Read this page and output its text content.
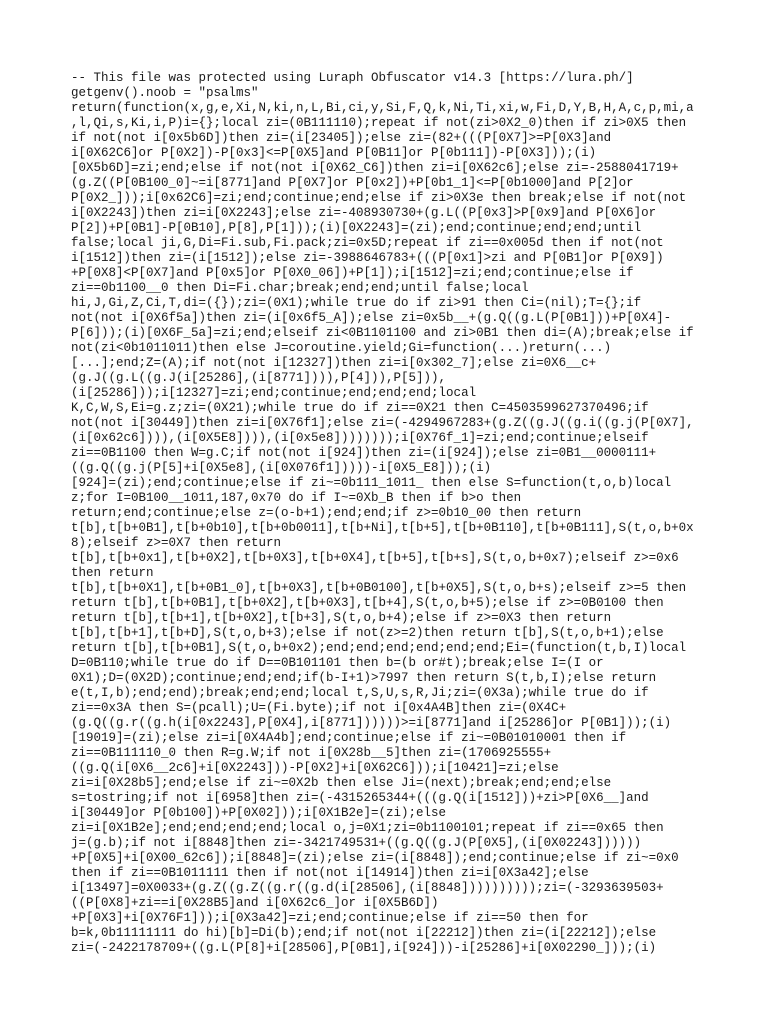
-- This file was protected using Luraph Obfuscator v14.3 [https://lura.ph/]
getgenv().noob = "psalms"
return(function(x,g,e,Xi,N,ki,n,L,Bi,ci,y,Si,F,Q,k,Ni,Ti,xi,w,Fi,D,Y,B,H,A,c,p,mi,a
,l,Qi,s,Ki,i,P)i={};local zi=(0B111110);repeat if not(zi>0X2_0)then if zi>0X5 then
if not(not i[0x5b6D])then zi=(i[23405]);else zi=(82+(((P[0X7]>=P[0X3]and
i[0X62C6]or P[0X2])-P[0x3]<=P[0X5]and P[0B11]or P[0b111])-P[0X3]));(i)
[0X5b6D]=zi;end;else if not(not i[0X62_C6])then zi=i[0X62c6];else zi=-2588041719+
(g.Z((P[0B100_0]~=i[8771]and P[0X7]or P[0x2])+P[0b1_1]<=P[0b1000]and P[2]or
P[0X2_]));i[0x62C6]=zi;end;continue;end;else if zi>0X3e then break;else if not(not
i[0X2243])then zi=i[0X2243];else zi=-408930730+(g.L((P[0x3]>P[0x9]and P[0X6]or
P[2])+P[0B1]-P[0B10],P[8],P[1]));(i)[0X2243]=(zi);end;continue;end;end;until
false;local ji,G,Di=Fi.sub,Fi.pack;zi=0x5D;repeat if zi==0x005d then if not(not
i[1512])then zi=(i[1512]);else zi=-3988646783+(((P[0x1]>zi and P[0B1]or P[0X9])
+P[0X8]<P[0X7]and P[0x5]or P[0X0_06])+P[1]);i[1512]=zi;end;continue;else if
zi==0b1100__0 then Di=Fi.char;break;end;end;until false;local
hi,J,Gi,Z,Ci,T,di=({});zi=(0X1);while true do if zi>91 then Ci=(nil);T={};if
not(not i[0X6f5a])then zi=(i[0x6f5_A]);else zi=0x5b__+(g.Q((g.L(P[0B1]))+P[0X4]-
P[6]));(i)[0X6F_5a]=zi;end;elseif zi<0B1101100 and zi>0B1 then di=(A);break;else if
not(zi<0b1011011)then else J=coroutine.yield;Gi=function(...)return(...)
[...];end;Z=(A);if not(not i[12327])then zi=i[0x302_7];else zi=0X6__c+
(g.J((g.L((g.J(i[25286],(i[8771]))),P[4])),P[5])),
(i[25286]));i[12327]=zi;end;continue;end;end;end;local
K,C,W,S,Ei=g.z;zi=(0X21);while true do if zi==0X21 then C=4503599627370496;if
not(not i[30449])then zi=i[0X76f1];else zi=(-4294967283+(g.Z((g.J((g.i((g.j(P[0X7],
(i[0x62c6]))),(i[0X5E8]))),(i[0x5e8])))))));i[0X76f_1]=zi;end;continue;elseif
zi==0B1100 then W=g.C;if not(not i[924])then zi=(i[924]);else zi=0B1__0000111+
((g.Q((g.j(P[5]+i[0X5e8],(i[0X076f1]))))-i[0X5_E8]));(i)
[924]=(zi);end;continue;else if zi~=0b111_1011_ then else S=function(t,o,b)local
z;for I=0B100__1011,187,0x70 do if I~=0Xb_B then if b>o then
return;end;continue;else z=(o-b+1);end;end;if z>=0b10_00 then return
t[b],t[b+0B1],t[b+0b10],t[b+0b0011],t[b+Ni],t[b+5],t[b+0B110],t[b+0B111],S(t,o,b+0x
8);elseif z>=0X7 then return
t[b],t[b+0x1],t[b+0X2],t[b+0X3],t[b+0X4],t[b+5],t[b+s],S(t,o,b+0x7);elseif z>=0x6
then return
t[b],t[b+0X1],t[b+0B1_0],t[b+0X3],t[b+0B0100],t[b+0X5],S(t,o,b+s);elseif z>=5 then
return t[b],t[b+0B1],t[b+0X2],t[b+0X3],t[b+4],S(t,o,b+5);else if z>=0B0100 then
return t[b],t[b+1],t[b+0X2],t[b+3],S(t,o,b+4);else if z>=0X3 then return
t[b],t[b+1],t[b+D],S(t,o,b+3);else if not(z>=2)then return t[b],S(t,o,b+1);else
return t[b],t[b+0B1],S(t,o,b+0x2);end;end;end;end;end;end;Ei=(function(t,b,I)local
D=0B110;while true do if D==0B101101 then b=(b or#t);break;else I=(I or
0X1);D=(0X2D);continue;end;end;if(b-I+1)>7997 then return S(t,b,I);else return
e(t,I,b);end;end);break;end;end;local t,S,U,s,R,Ji;zi=(0X3a);while true do if
zi==0x3A then S=(pcall);U=(Fi.byte);if not i[0x4A4B]then zi=(0X4C+
(g.Q((g.r((g.h(i[0x2243],P[0X4],i[8771])))))>=i[8771]and i[25286]or P[0B1]));(i)
[19019]=(zi);else zi=i[0X4A4b];end;continue;else if zi~=0B01010001 then if
zi==0B111110_0 then R=g.W;if not i[0X28b__5]then zi=(1706925555+
((g.Q(i[0X6__2c6]+i[0X2243]))-P[0X2]+i[0X62C6]));i[10421]=zi;else
zi=i[0X28b5];end;else if zi~=0X2b then else Ji=(next);break;end;end;else
s=tostring;if not i[6958]then zi=(-4315265344+(((g.Q(i[1512]))+zi>P[0X6__]and
i[30449]or P[0b100])+P[0X02]));i[0X1B2e]=(zi);else
zi=i[0X1B2e];end;end;end;end;local o,j=0X1;zi=0b1100101;repeat if zi==0x65 then
j=(g.b);if not i[8848]then zi=-3421749531+((g.Q((g.J(P[0X5],(i[0X02243])))))
+P[0X5]+i[0X00_62c6]);i[8848]=(zi);else zi=(i[8848]);end;continue;else if zi~=0x0
then if zi==0B1011111 then if not(not i[14914])then zi=i[0X3a42];else
i[13497]=0X0033+(g.Z((g.Z((g.r((g.d(i[28506],(i[8848])))))))));zi=(-3293639503+
((P[0X8]+zi==i[0X28B5]and i[0X62c6_]or i[0X5B6D])
+P[0X3]+i[0X76F1]));i[0X3a42]=zi;end;continue;else if zi==50 then for
b=k,0b11111111 do hi)[b]=Di(b);end;if not(not i[22212])then zi=(i[22212]);else
zi=(-2422178709+((g.L(P[8]+i[28506],P[0B1],i[924]))-i[25286]+i[0X02290_]));(i)
